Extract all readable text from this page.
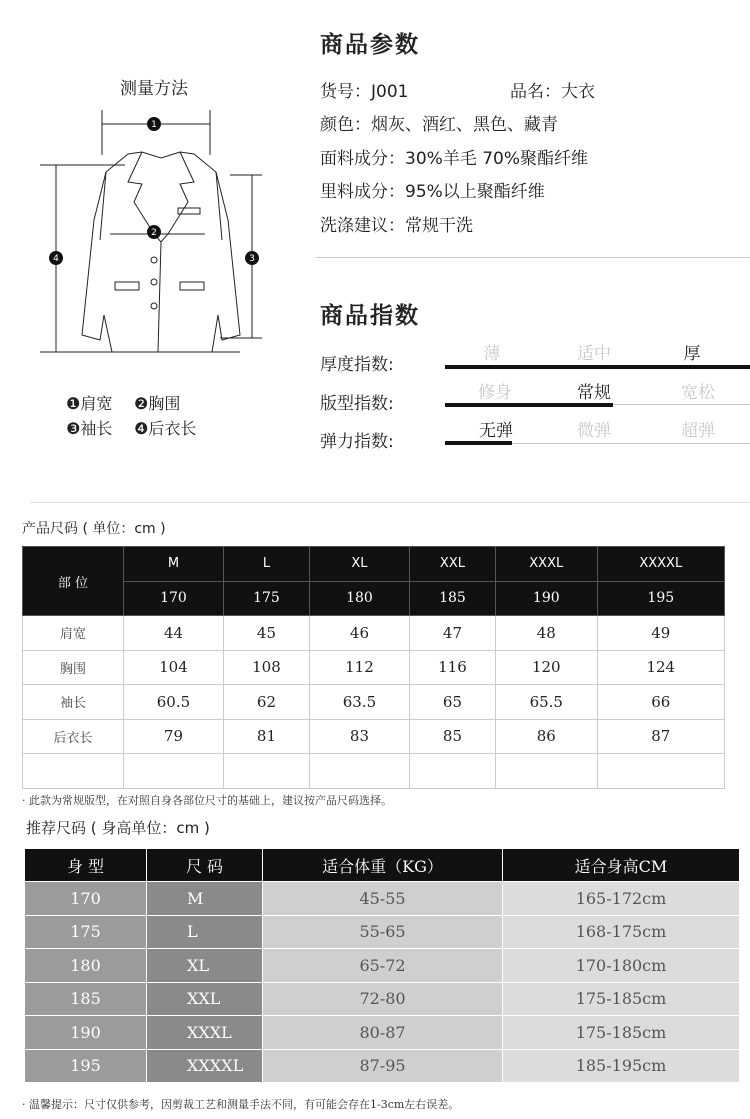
测量方法
1
2
4	3
❶肩宽 ❷胸围
❸袖长 ❹后衣长
商品参数
货号：J001	品名：大衣
颜色：烟灰、酒红、黑色、藏青
面料成分：30%羊毛 70%聚酯纤维
里料成分：95%以上聚酯纤维
洗涤建议：常规干洗
商品指数
厚度指数:
薄	适中	厚
版型指数:
修身	常规	宽松
弹力指数:
无弹	微弹	超弹
产品尺码 ( 单位：cm )
部 位	M	L	XL	XXL	XXXL	XXXXL
	170	175	180	185	190	195
肩宽	44	45	46	47	48	49
胸围	104	108	112	116	120	124
袖长	60.5	62	63.5	65	65.5	66
后衣长	79	81	83	85	86	87

· 此款为常规版型，在对照自身各部位尺寸的基础上，建议按产品尺码选择。
推荐尺码 ( 身高单位：cm )
身 型	尺 码	适合体重（KG）	适合身高CM
170	M	45-55	165-172cm
175	L	55-65	168-175cm
180	XL	65-72	170-180cm
185	XXL	72-80	175-185cm
190	XXXL	80-87	175-185cm
195	XXXXL	87-95	185-195cm
· 温馨提示：尺寸仅供参考，因剪裁工艺和测量手法不同，有可能会存在1-3cm左右误差。
